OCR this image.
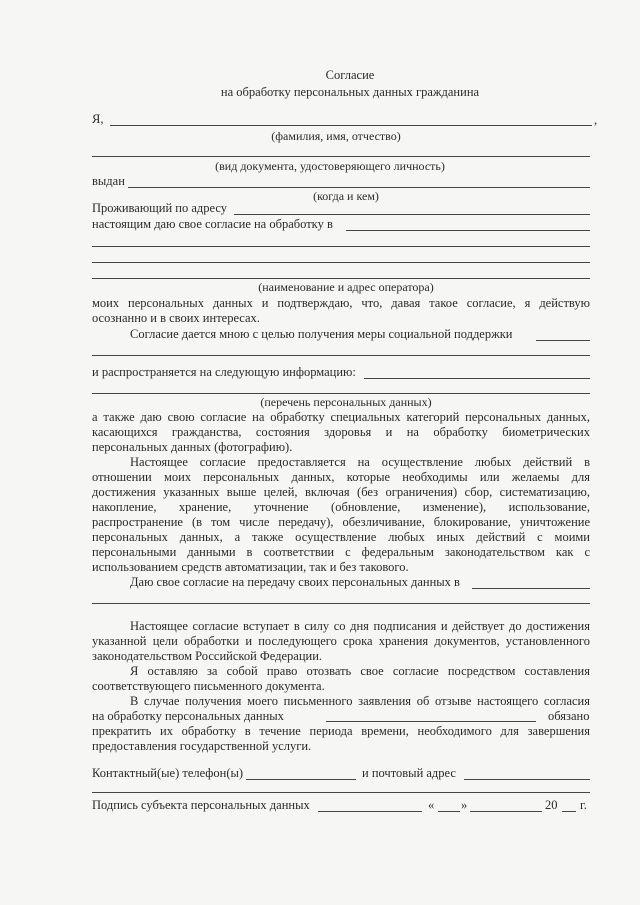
Согласие
на обработку персональных данных гражданина
Я,	,
(фамилия, имя, отчество)
(вид документа, удостоверяющего личность)
выдан
(когда и кем)
Проживающий по адресу
настоящим даю свое согласие на обработку в
(наименование и адрес оператора)
моих персональных данных и подтверждаю, что, давая такое согласие, я действую
осознанно и в своих интересах.
Согласие дается мною с целью получения меры социальной поддержки
и распространяется на следующую информацию:
(перечень персональных данных)
а также даю свою согласие на обработку специальных категорий персональных данных,
касающихся гражданства, состояния здоровья и на обработку биометрических
персональных данных (фотографию).
Настоящее согласие предоставляется на осуществление любых действий в
отношении моих персональных данных, которые необходимы или желаемы для
достижения указанных выше целей, включая (без ограничения) сбор, систематизацию,
накопление, хранение, уточнение (обновление, изменение), использование,
распространение (в том числе передачу), обезличивание, блокирование, уничтожение
персональных данных, а также осуществление любых иных действий с моими
персональными данными в соответствии с федеральным законодательством как с
использованием средств автоматизации, так и без такового.
Даю свое согласие на передачу своих персональных данных в
Настоящее согласие вступает в силу со дня подписания и действует до достижения
указанной цели обработки и последующего срока хранения документов, установленного
законодательством Российской Федерации.
Я оставляю за собой право отозвать свое согласие посредством составления
соответствующего письменного документа.
В случае получения моего письменного заявления об отзыве настоящего согласия
на обработку персональных данных	обязано
прекратить их обработку в течение периода времени, необходимого для завершения
предоставления государственной услуги.
Контактный(ые) телефон(ы)	и почтовый адрес
Подпись субъекта персональных данных	« »	20 г.
